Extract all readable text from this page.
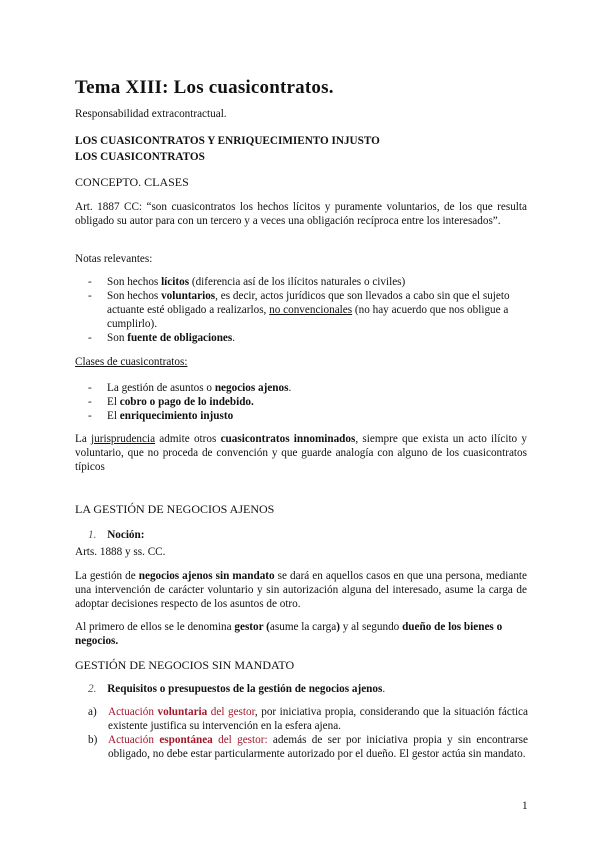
Tema XIII: Los cuasicontratos.
Responsabilidad extracontractual.
LOS CUASICONTRATOS Y ENRIQUECIMIENTO INJUSTO
LOS CUASICONTRATOS
CONCEPTO. CLASES
Art. 1887 CC: “son cuasicontratos los hechos lícitos y puramente voluntarios, de los que resulta obligado su autor para con un tercero y a veces una obligación recíproca entre los interesados”.
Notas relevantes:
- Son hechos lícitos (diferencia así de los ilícitos naturales o civiles)
- Son hechos voluntarios, es decir, actos jurídicos que son llevados a cabo sin que el sujeto actuante esté obligado a realizarlos, no convencionales (no hay acuerdo que nos obligue a cumplirlo).
- Son fuente de obligaciones.
Clases de cuasicontratos:
- La gestión de asuntos o negocios ajenos.
- El cobro o pago de lo indebido.
- El enriquecimiento injusto
La jurisprudencia admite otros cuasicontratos innominados, siempre que exista un acto ilícito y voluntario, que no proceda de convención y que guarde analogía con alguno de los cuasicontratos típicos
LA GESTIÓN DE NEGOCIOS AJENOS
1. Noción:
Arts. 1888 y ss. CC.
La gestión de negocios ajenos sin mandato se dará en aquellos casos en que una persona, mediante una intervención de carácter voluntario y sin autorización alguna del interesado, asume la carga de adoptar decisiones respecto de los asuntos de otro.
Al primero de ellos se le denomina gestor (asume la carga) y al segundo dueño de los bienes o negocios.
GESTIÓN DE NEGOCIOS SIN MANDATO
2. Requisitos o presupuestos de la gestión de negocios ajenos.
a) Actuación voluntaria del gestor, por iniciativa propia, considerando que la situación fáctica existente justifica su intervención en la esfera ajena.
b) Actuación espontánea del gestor: además de ser por iniciativa propia y sin encontrarse obligado, no debe estar particularmente autorizado por el dueño. El gestor actúa sin mandato.
1
